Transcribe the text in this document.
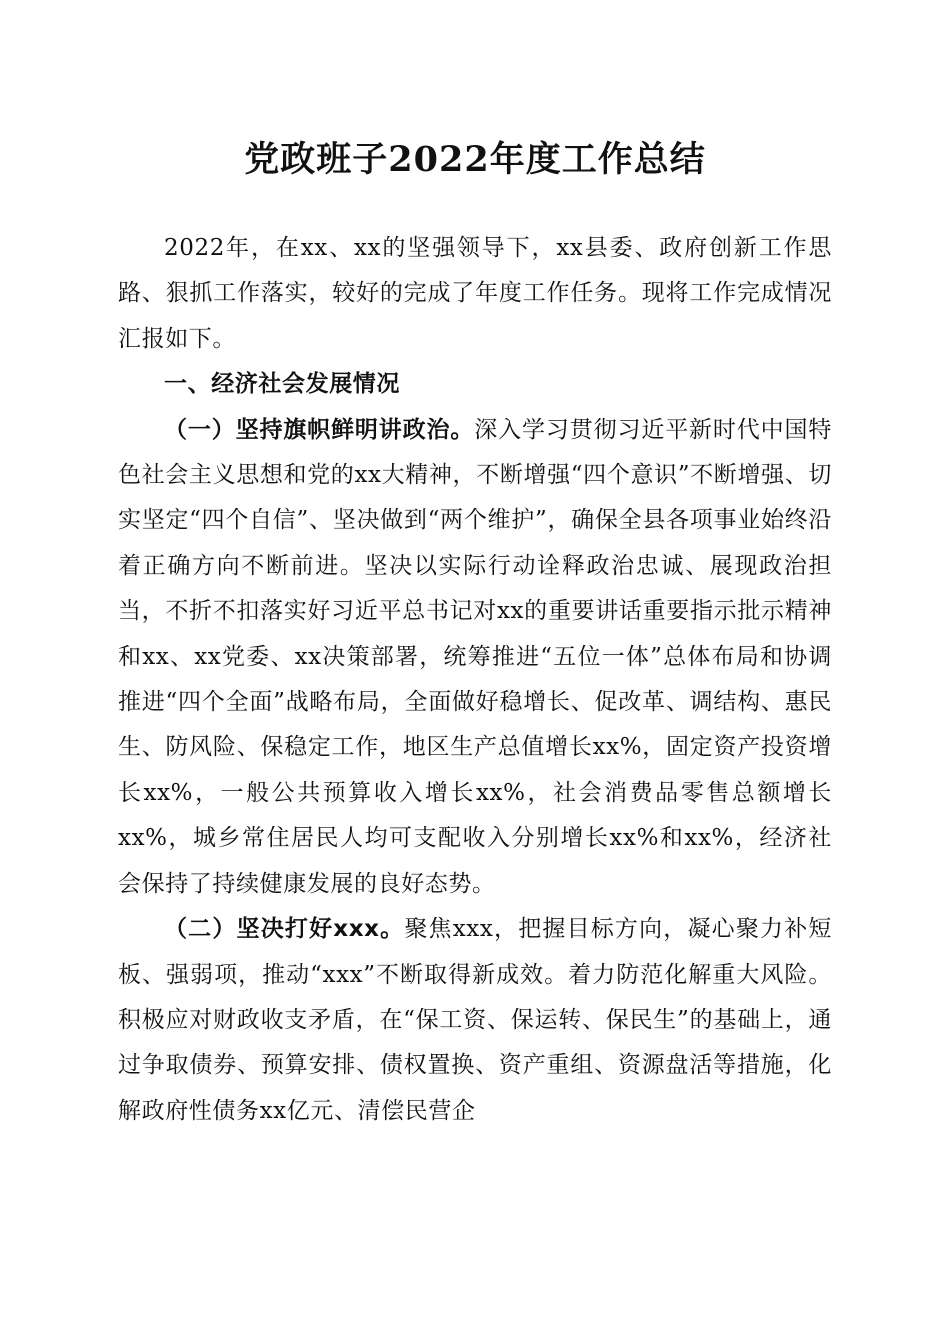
党政班子2022年度工作总结

2022年，在xx、xx的坚强领导下，xx县委、政府创新工作思路、狠抓工作落实，较好的完成了年度工作任务。现将工作完成情况汇报如下。

一、经济社会发展情况

（一）坚持旗帜鲜明讲政治。深入学习贯彻习近平新时代中国特色社会主义思想和党的xx大精神，不断增强“四个意识”不断增强、切实坚定“四个自信”、坚决做到“两个维护”，确保全县各项事业始终沿着正确方向不断前进。坚决以实际行动诠释政治忠诚、展现政治担当，不折不扣落实好习近平总书记对xx的重要讲话重要指示批示精神和xx、xx党委、xx决策部署，统筹推进“五位一体”总体布局和协调推进“四个全面”战略布局，全面做好稳增长、促改革、调结构、惠民生、防风险、保稳定工作，地区生产总值增长xx%，固定资产投资增长xx%，一般公共预算收入增长xx%，社会消费品零售总额增长xx%，城乡常住居民人均可支配收入分别增长xx%和xx%，经济社会保持了持续健康发展的良好态势。

（二）坚决打好xxx。聚焦xxx，把握目标方向，凝心聚力补短板、强弱项，推动“xxx”不断取得新成效。着力防范化解重大风险。积极应对财政收支矛盾，在“保工资、保运转、保民生”的基础上，通过争取债券、预算安排、债权置换、资产重组、资源盘活等措施，化解政府性债务xx亿元、清偿民营企
